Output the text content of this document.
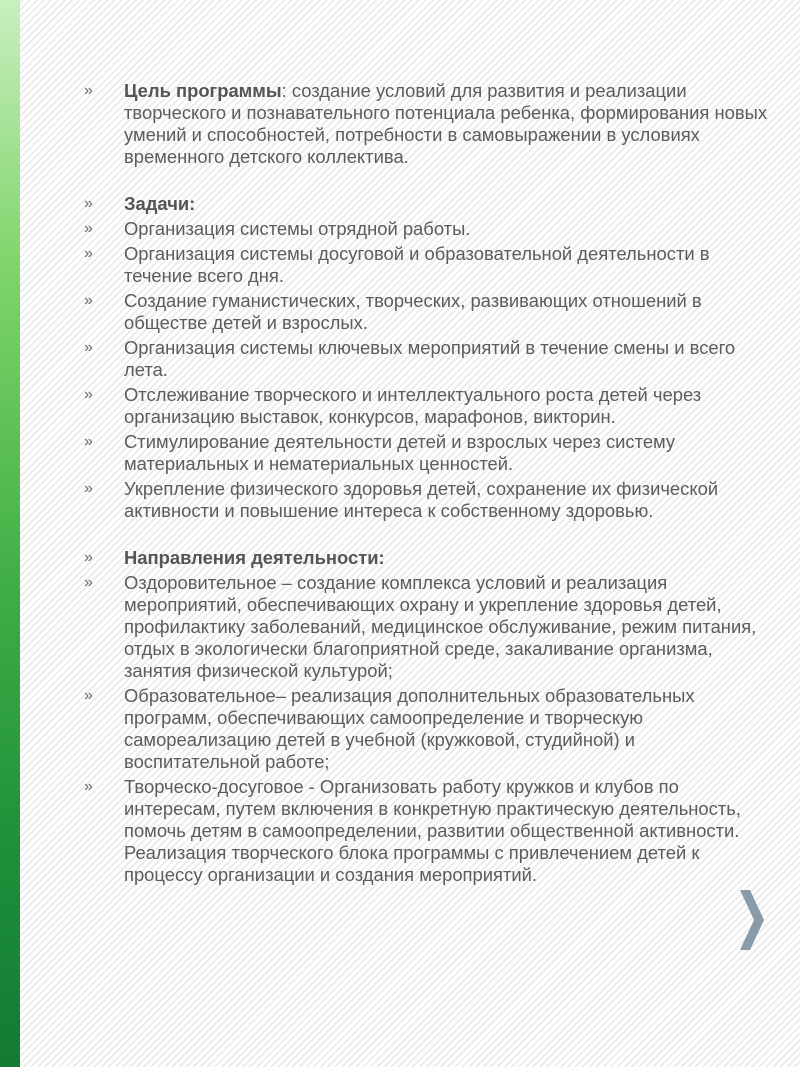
» Цель программы: создание условий для развития и реализации творческого и познавательного потенциала ребенка, формирования новых умений и способностей, потребности в самовыражении в условиях временного детского коллектива.
» Задачи:
» Организация системы отрядной работы.
» Организация системы досуговой и образовательной деятельности в течение всего дня.
» Создание гуманистических, творческих, развивающих отношений в обществе детей и взрослых.
» Организация системы ключевых мероприятий в течение смены и всего лета.
» Отслеживание творческого и интеллектуального роста детей через организацию выставок, конкурсов, марафонов, викторин.
» Стимулирование деятельности детей и взрослых через систему материальных и нематериальных ценностей.
» Укрепление физического здоровья детей, сохранение их физической активности и повышение интереса к собственному здоровью.
» Направления деятельности:
» Оздоровительное – создание комплекса условий и реализация мероприятий, обеспечивающих охрану и укрепление здоровья детей, профилактику заболеваний, медицинское обслуживание, режим питания, отдых в экологически благоприятной среде, закаливание организма, занятия физической культурой;
» Образовательное– реализация дополнительных образовательных программ, обеспечивающих самоопределение и творческую самореализацию детей в учебной (кружковой, студийной) и воспитательной работе;
» Творческо-досуговое - Организовать работу кружков и клубов по интересам, путем включения в конкретную практическую деятельность, помочь детям в самоопределении, развитии общественной активности. Реализация творческого блока программы с привлечением детей к процессу организации и создания мероприятий.
